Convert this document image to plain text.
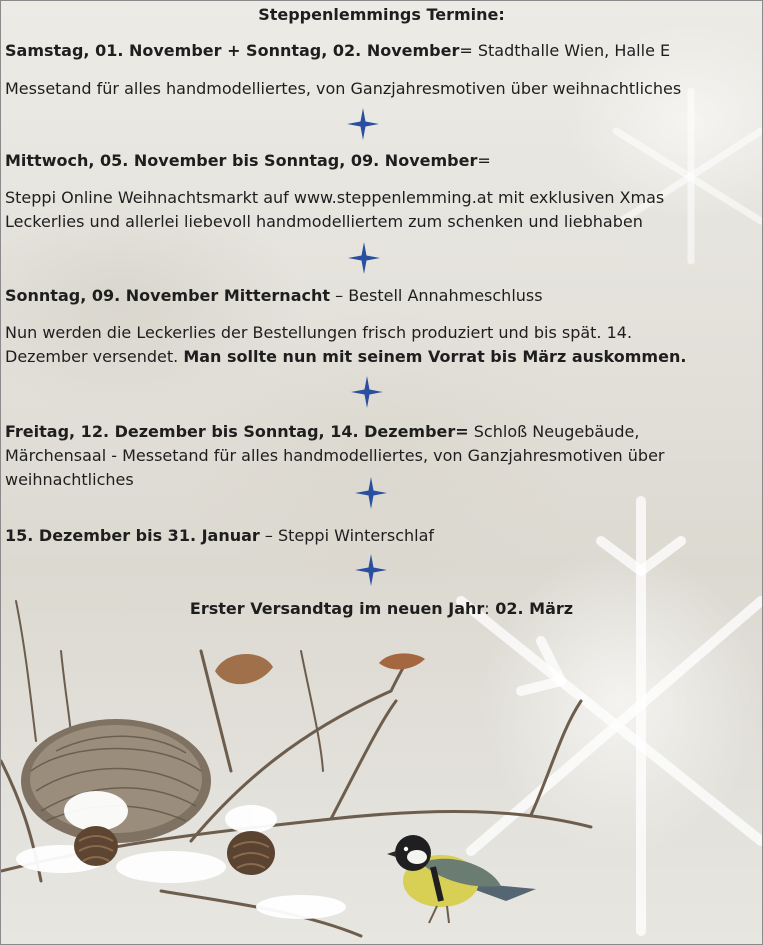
Steppenlemmings Termine:
Samstag, 01. November + Sonntag, 02. November= Stadthalle Wien, Halle E
Messetand für alles handmodelliertes, von Ganzjahresmotiven über weihnachtliches
Mittwoch, 05. November bis Sonntag, 09. November=
Steppi Online Weihnachtsmarkt auf www.steppenlemming.at mit exklusiven Xmas
Leckerlies und allerlei liebevoll handmodelliertem zum schenken und liebhaben
Sonntag, 09. November Mitternacht – Bestell Annahmeschluss
Nun werden die Leckerlies der Bestellungen frisch produziert und bis spät. 14.
Dezember versendet. Man sollte nun mit seinem Vorrat bis März auskommen.
Freitag, 12. Dezember bis Sonntag, 14. Dezember= Schloß Neugebäude,
Märchensaal - Messetand für alles handmodelliertes, von Ganzjahresmotiven über
weihnachtliches
15. Dezember bis 31. Januar – Steppi Winterschlaf
Erster Versandtag im neuen Jahr: 02. März
